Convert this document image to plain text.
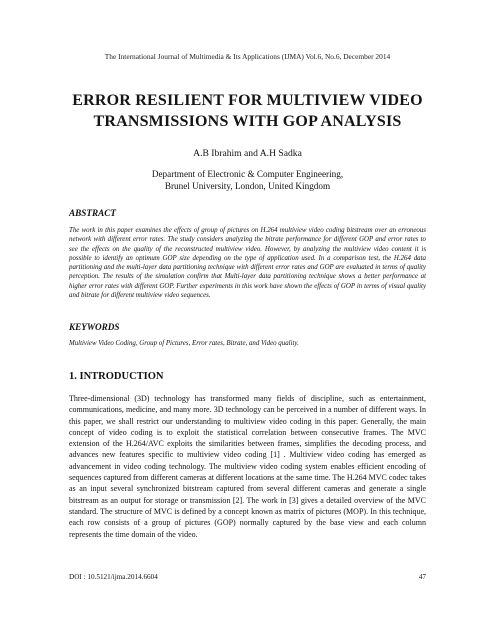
The International Journal of Multimedia & Its Applications (IJMA) Vol.6, No.6, December 2014
ERROR RESILIENT FOR MULTIVIEW VIDEO
TRANSMISSIONS WITH GOP ANALYSIS
A.B Ibrahim and A.H Sadka
Department of Electronic & Computer Engineering,
Brunel University, London, United Kingdom
ABSTRACT
The work in this paper examines the effects of group of pictures on H.264 multiview video coding bitstream over an erroneous network with different error rates. The study considers analyzing the bitrate performance for different GOP and error rates to see the effects on the quality of the reconstructed multiview video. However, by analyzing the multiview video content it is possible to identify an optimum GOP size depending on the type of application used. In a comparison test, the H.264 data partitioning and the multi-layer data partitioning technique with different error rates and GOP are evaluated in terms of quality perception. The results of the simulation confirm that Multi-layer data partitioning technique shows a better performance at higher error rates with different GOP. Further experiments in this work have shown the effects of GOP in terms of visual quality and bitrate for different multiview video sequences.
KEYWORDS
Multiview Video Coding, Group of Pictures, Error rates, Bitrate, and Video quality.
1. INTRODUCTION
Three-dimensional (3D) technology has transformed many fields of discipline, such as entertainment, communications, medicine, and many more. 3D technology can be perceived in a number of different ways. In this paper, we shall restrict our understanding to multiview video coding in this paper. Generally, the main concept of video coding is to exploit the statistical correlation between consecutive frames. The MVC extension of the H.264/AVC exploits the similarities between frames, simplifies the decoding process, and advances new features specific to multiview video coding [1] . Multiview video coding has emerged as advancement in video coding technology. The multiview video coding system enables efficient encoding of sequences captured from different cameras at different locations at the same time. The H.264 MVC codec takes as an input several synchronized bitstream captured from several different cameras and generate a single bitstream as an output for storage or transmission [2]. The work in [3] gives a detailed overview of the MVC standard. The structure of MVC is defined by a concept known as matrix of pictures (MOP). In this technique, each row consists of a group of pictures (GOP) normally captured by the base view and each column represents the time domain of the video.
DOI : 10.5121/ijma.2014.6604	47
